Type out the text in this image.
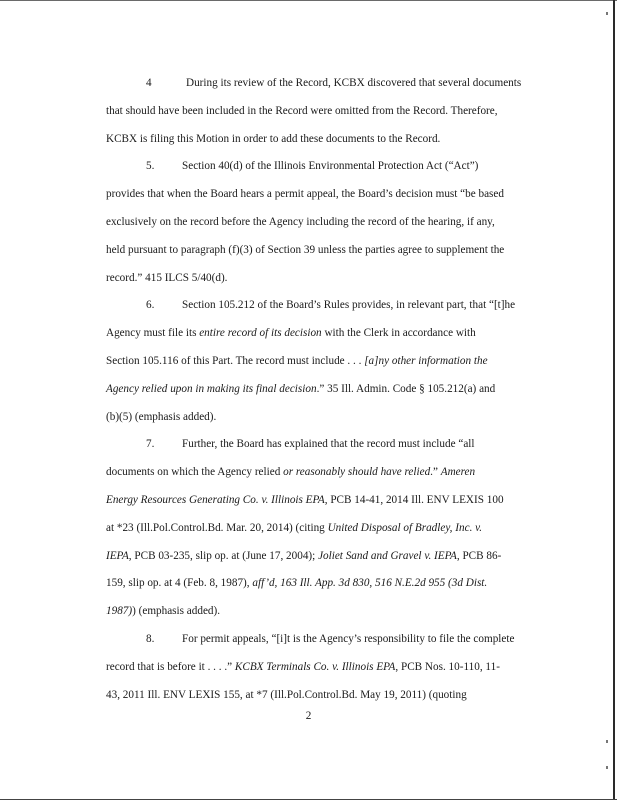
4	During its review of the Record, KCBX discovered that several documents
that should have been included in the Record were omitted from the Record. Therefore,
KCBX is filing this Motion in order to add these documents to the Record.
5. Section 40(d) of the Illinois Environmental Protection Act (“Act”)
provides that when the Board hears a permit appeal, the Board’s decision must “be based
exclusively on the record before the Agency including the record of the hearing, if any,
held pursuant to paragraph (f)(3) of Section 39 unless the parties agree to supplement the
record.” 415 ILCS 5/40(d).
6. Section 105.212 of the Board’s Rules provides, in relevant part, that “[t]he
Agency must file its entire record of its decision with the Clerk in accordance with
Section 105.116 of this Part. The record must include . . . [a]ny other information the
Agency relied upon in making its final decision.” 35 Ill. Admin. Code § 105.212(a) and
(b)(5) (emphasis added).
7. Further, the Board has explained that the record must include “all
documents on which the Agency relied or reasonably should have relied.” Ameren
Energy Resources Generating Co. v. Illinois EPA, PCB 14-41, 2014 Ill. ENV LEXIS 100
at *23 (Ill.Pol.Control.Bd. Mar. 20, 2014) (citing United Disposal of Bradley, Inc. v.
IEPA, PCB 03-235, slip op. at (June 17, 2004); Joliet Sand and Gravel v. IEPA, PCB 86-
159, slip op. at 4 (Feb. 8, 1987), aff’d, 163 Ill. App. 3d 830, 516 N.E.2d 955 (3d Dist.
1987)) (emphasis added).
8. For permit appeals, “[i]t is the Agency’s responsibility to file the complete
record that is before it . . . .” KCBX Terminals Co. v. Illinois EPA, PCB Nos. 10-110, 11-
43, 2011 Ill. ENV LEXIS 155, at *7 (Ill.Pol.Control.Bd. May 19, 2011) (quoting
2
